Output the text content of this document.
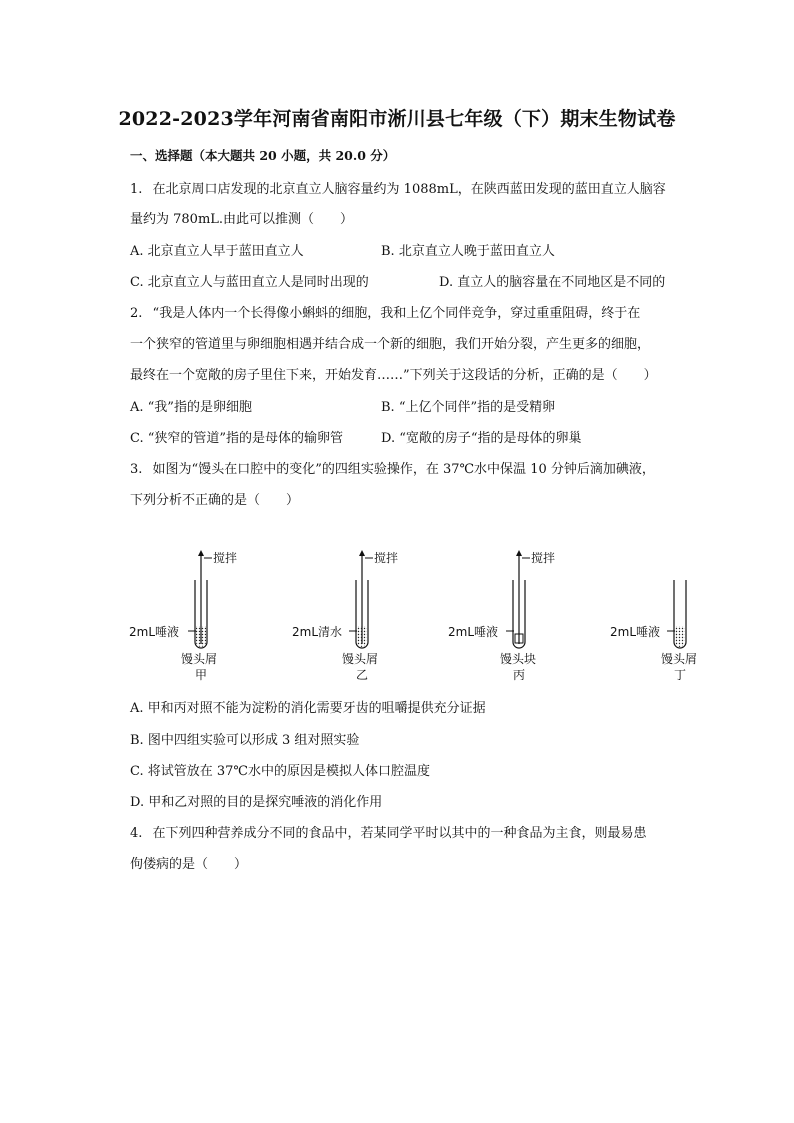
2022-2023学年河南省南阳市淅川县七年级（下）期末生物试卷
一、选择题（本大题共 20 小题，共 20.0 分）
1. 在北京周口店发现的北京直立人脑容量约为 1088mL，在陕西蓝田发现的蓝田直立人脑容
量约为 780mL.由此可以推测（　　）
A. 北京直立人早于蓝田直立人	B. 北京直立人晚于蓝田直立人
C. 北京直立人与蓝田直立人是同时出现的	D. 直立人的脑容量在不同地区是不同的
2. “我是人体内一个长得像小蝌蚪的细胞，我和上亿个同伴竞争，穿过重重阻碍，终于在
一个狭窄的管道里与卵细胞相遇并结合成一个新的细胞，我们开始分裂，产生更多的细胞，
最终在一个宽敞的房子里住下来，开始发育……”下列关于这段话的分析，正确的是（　　）
A. “我”指的是卵细胞	B. “上亿个同伴”指的是受精卵
C. “狭窄的管道”指的是母体的输卵管	D. “宽敞的房子“指的是母体的卵巢
3. 如图为“馒头在口腔中的变化”的四组实验操作，在 37℃水中保温 10 分钟后滴加碘液，
下列分析不正确的是（　　）
搅拌	搅拌	搅拌
2mL唾液	2mL清水	2mL唾液	2mL唾液
馒头屑	馒头屑	馒头块	馒头屑
甲	乙	丙	丁
A. 甲和丙对照不能为淀粉的消化需要牙齿的咀嚼提供充分证据
B. 图中四组实验可以形成 3 组对照实验
C. 将试管放在 37℃水中的原因是模拟人体口腔温度
D. 甲和乙对照的目的是探究唾液的消化作用
4. 在下列四种营养成分不同的食品中，若某同学平时以其中的一种食品为主食，则最易患
佝偻病的是（　　）
